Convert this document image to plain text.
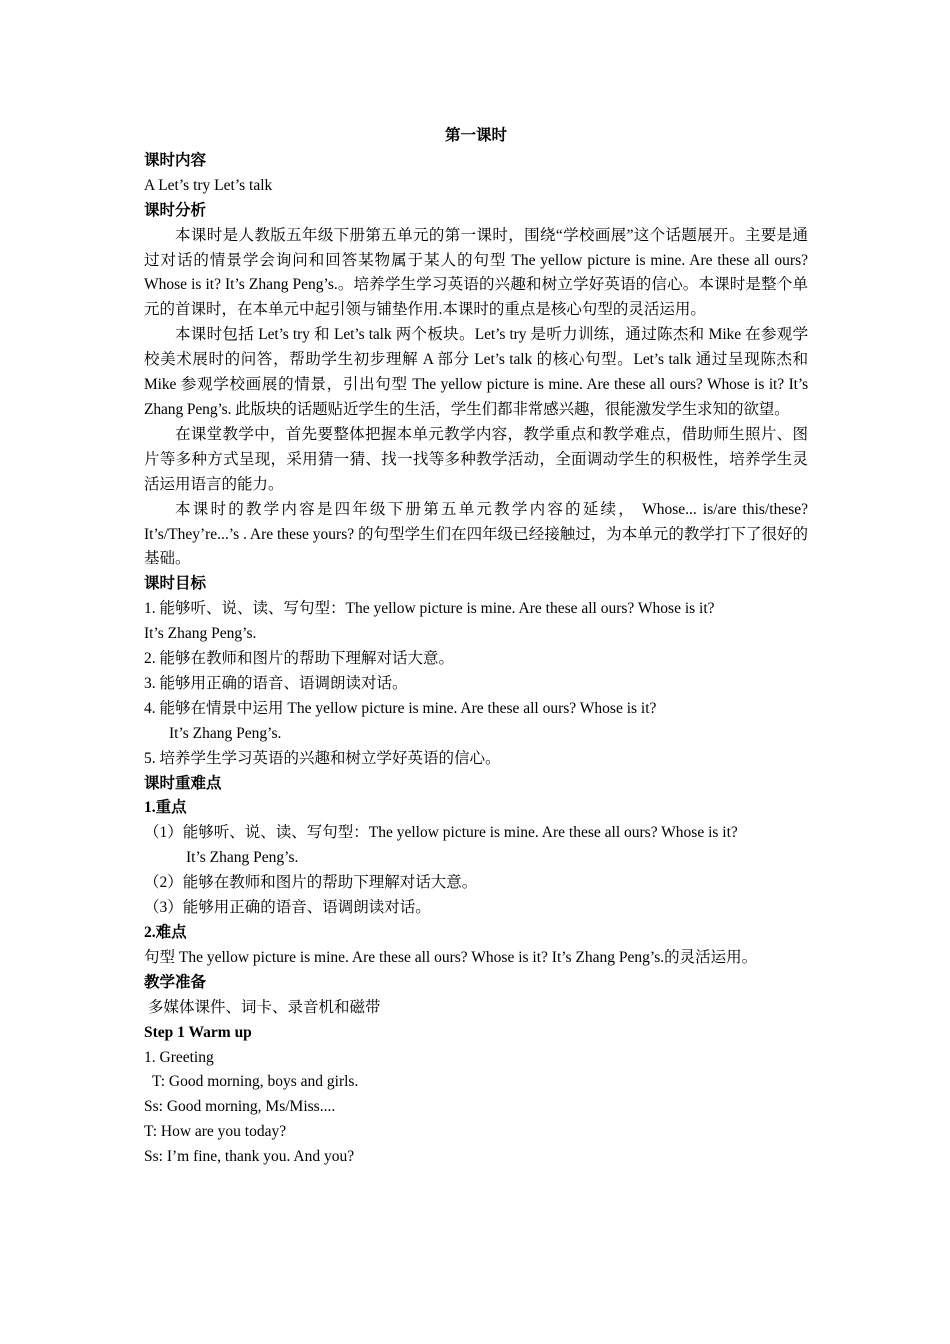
第一课时

课时内容

A Let’s try Let’s talk

课时分析

本课时是人教版五年级下册第五单元的第一课时，围绕“学校画展”这个话题展开。主要是通过对话的情景学会询问和回答某物属于某人的句型 The yellow picture is mine. Are these all ours? Whose is it? It’s Zhang Peng’s.。培养学生学习英语的兴趣和树立学好英语的信心。本课时是整个单元的首课时，在本单元中起引领与铺垫作用.本课时的重点是核心句型的灵活运用。

本课时包括 Let’s try 和 Let’s talk 两个板块。Let’s try 是听力训练，通过陈杰和 Mike 在参观学校美术展时的问答，帮助学生初步理解 A 部分 Let’s talk 的核心句型。Let’s talk 通过呈现陈杰和 Mike 参观学校画展的情景，引出句型 The yellow picture is mine. Are these all ours? Whose is it? It’s Zhang Peng’s. 此版块的话题贴近学生的生活，学生们都非常感兴趣，很能激发学生求知的欲望。

在课堂教学中，首先要整体把握本单元教学内容，教学重点和教学难点，借助师生照片、图片等多种方式呈现，采用猜一猜、找一找等多种教学活动，全面调动学生的积极性，培养学生灵活运用语言的能力。

本课时的教学内容是四年级下册第五单元教学内容的延续， Whose... is/are this/these? It’s/They’re...’s . Are these yours? 的句型学生们在四年级已经接触过，为本单元的教学打下了很好的基础。

课时目标

1. 能够听、说、读、写句型：The yellow picture is mine. Are these all ours? Whose is it?

It’s Zhang Peng’s.

2. 能够在教师和图片的帮助下理解对话大意。

3. 能够用正确的语音、语调朗读对话。

4. 能够在情景中运用 The yellow picture is mine. Are these all ours? Whose is it?

It’s Zhang Peng’s.

5. 培养学生学习英语的兴趣和树立学好英语的信心。

课时重难点

1.重点

（1）能够听、说、读、写句型：The yellow picture is mine. Are these all ours? Whose is it?

It’s Zhang Peng’s.

（2）能够在教师和图片的帮助下理解对话大意。

（3）能够用正确的语音、语调朗读对话。

2.难点

句型 The yellow picture is mine. Are these all ours? Whose is it? It’s Zhang Peng’s.的灵活运用。

教学准备

多媒体课件、词卡、录音机和磁带

Step 1 Warm up

1. Greeting

T: Good morning, boys and girls.

Ss: Good morning, Ms/Miss....

T: How are you today?

Ss: I’m fine, thank you. And you?
